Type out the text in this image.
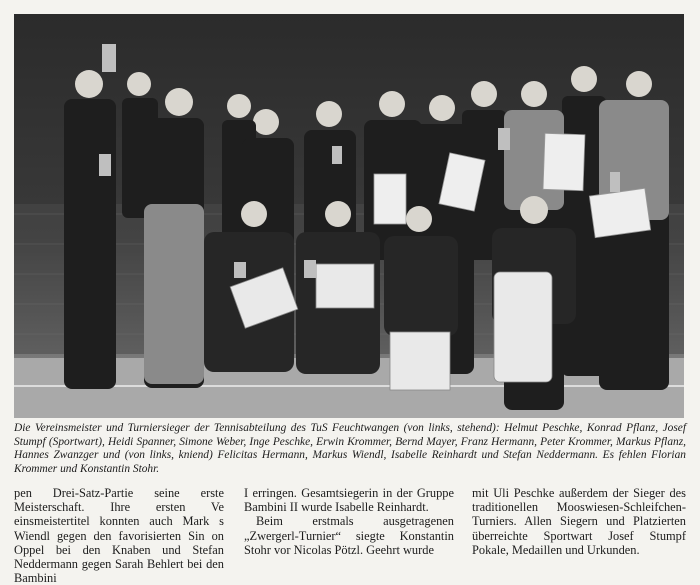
Die Vereinsmeister und Turniersieger der Tennisabteilung des TuS Feuchtwangen (von links, stehend): Helmut Peschke, Konrad Pflanz, Josef Stumpf (Sportwart), Heidi Spanner, Simone Weber, Inge Peschke, Erwin Krommer, Bernd Mayer, Franz Hermann, Peter Krommer, Markus Pflanz, Hannes Zwanzger und (von links, kniend) Felicitas Hermann, Markus Wiendl, Isabelle Reinhardt und Stefan Neddermann. Es fehlen Florian Krommer und Konstantin Stohr.

pen Drei-Satz-Partie seine erste Meisterschaft. Ihre ersten Ve einsmeistertitel konnten auch Mark s Wiendl gegen den favorisierten Sin on Oppel bei den Knaben und Stefan Neddermann gegen Sarah Behlert bei den Bambini

I erringen. Gesamtsiegerin in der Gruppe Bambini II wurde Isabelle Reinhardt.

Beim erstmals ausgetragenen „Zwergerl-Turnier“ siegte Konstantin Stohr vor Nicolas Pötzl. Geehrt wurde

mit Uli Peschke außerdem der Sieger des traditionellen Mooswiesen-Schleifchen-Turniers. Allen Siegern und Platzierten überreichte Sportwart Josef Stumpf Pokale, Medaillen und Urkunden.
